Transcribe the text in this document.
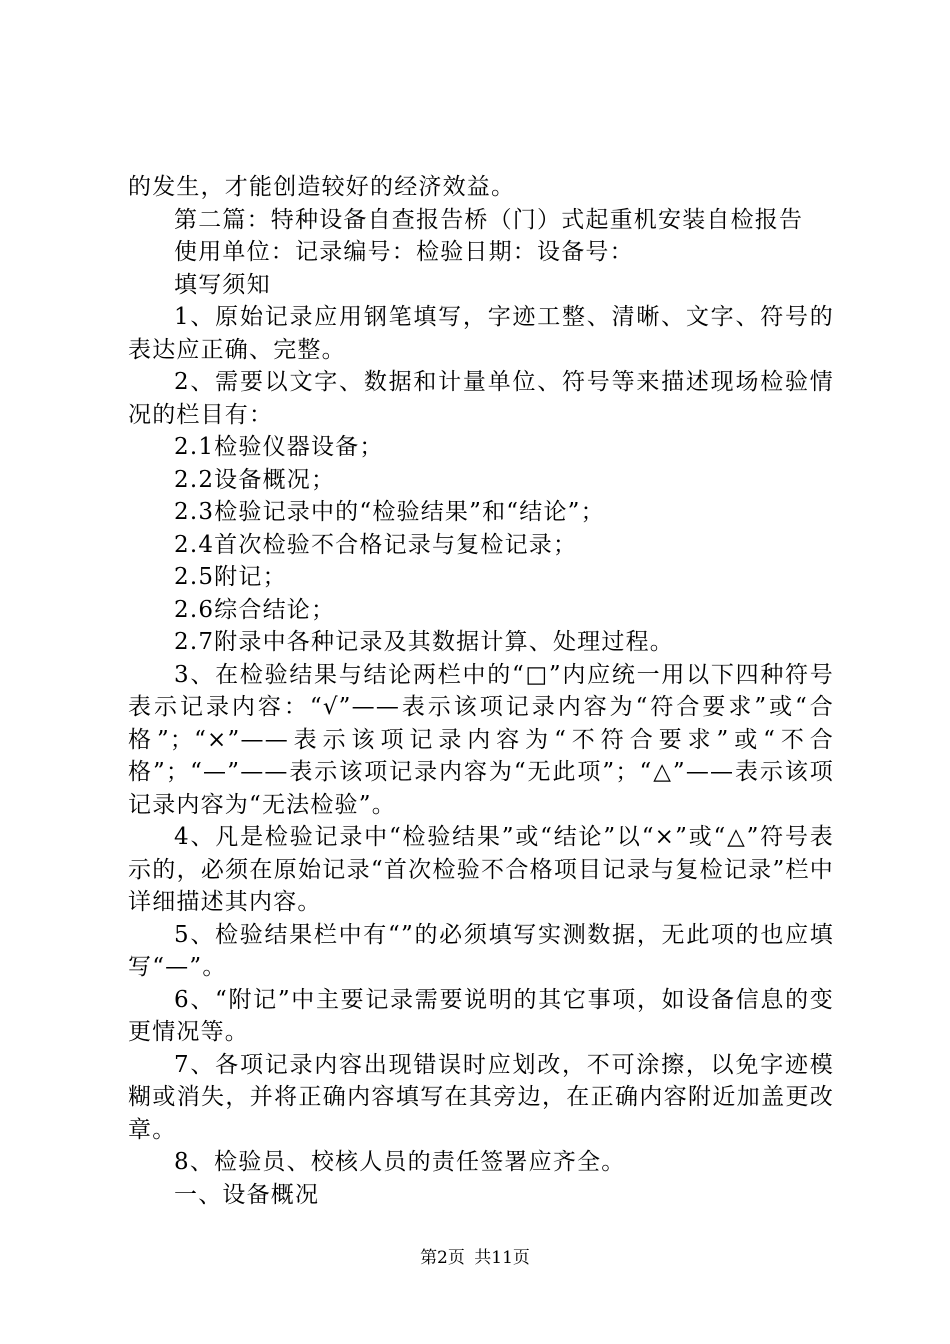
的发生，才能创造较好的经济效益。

第二篇：特种设备自查报告桥（门）式起重机安装自检报告

使用单位：记录编号：检验日期：设备号：

填写须知

1、原始记录应用钢笔填写，字迹工整、清晰、文字、符号的表达应正确、完整。

2、需要以文字、数据和计量单位、符号等来描述现场检验情况的栏目有：

2.1检验仪器设备；

2.2设备概况；

2.3检验记录中的“检验结果”和“结论”；

2.4首次检验不合格记录与复检记录；

2.5附记；

2.6综合结论；

2.7附录中各种记录及其数据计算、处理过程。

3、在检验结果与结论两栏中的“□”内应统一用以下四种符号表示记录内容：“√”——表示该项记录内容为“符合要求”或“合格”；“×”——表示该项记录内容为“不符合要求”或“不合格”；“—”——表示该项记录内容为“无此项”；“△”——表示该项记录内容为“无法检验”。

4、凡是检验记录中“检验结果”或“结论”以“×”或“△”符号表示的，必须在原始记录“首次检验不合格项目记录与复检记录”栏中详细描述其内容。

5、检验结果栏中有“”的必须填写实测数据，无此项的也应填写“—”。

6、“附记”中主要记录需要说明的其它事项，如设备信息的变更情况等。

7、各项记录内容出现错误时应划改，不可涂擦，以免字迹模糊或消失，并将正确内容填写在其旁边，在正确内容附近加盖更改章。

8、检验员、校核人员的责任签署应齐全。

一、设备概况

第2页 共11页
